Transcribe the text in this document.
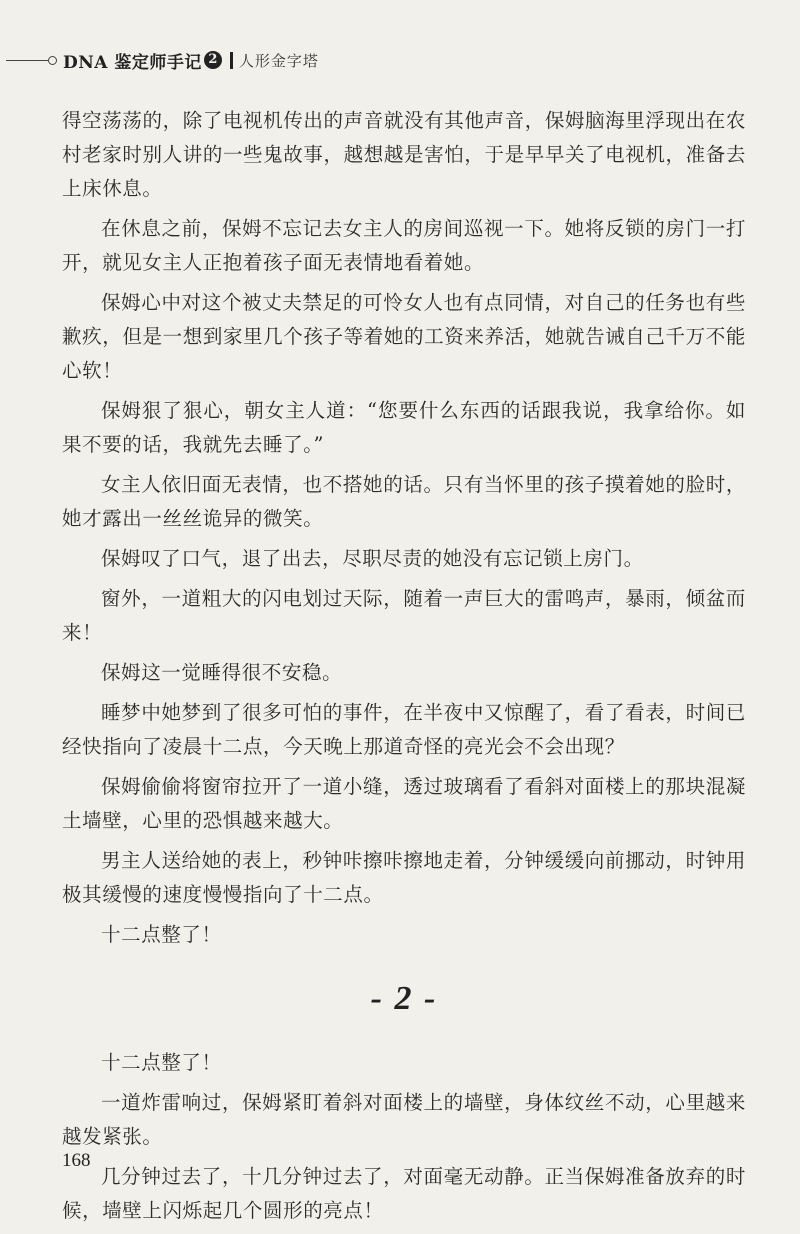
DNA 鉴定师手记 2 人形金字塔

得空荡荡的，除了电视机传出的声音就没有其他声音，保姆脑海里浮现出在农村老家时别人讲的一些鬼故事，越想越是害怕，于是早早关了电视机，准备去上床休息。

在休息之前，保姆不忘记去女主人的房间巡视一下。她将反锁的房门一打开，就见女主人正抱着孩子面无表情地看着她。

保姆心中对这个被丈夫禁足的可怜女人也有点同情，对自己的任务也有些歉疚，但是一想到家里几个孩子等着她的工资来养活，她就告诫自己千万不能心软！

保姆狠了狠心，朝女主人道：“您要什么东西的话跟我说，我拿给你。如果不要的话，我就先去睡了。”

女主人依旧面无表情，也不搭她的话。只有当怀里的孩子摸着她的脸时，她才露出一丝丝诡异的微笑。

保姆叹了口气，退了出去，尽职尽责的她没有忘记锁上房门。

窗外，一道粗大的闪电划过天际，随着一声巨大的雷鸣声，暴雨，倾盆而来！

保姆这一觉睡得很不安稳。

睡梦中她梦到了很多可怕的事件，在半夜中又惊醒了，看了看表，时间已经快指向了凌晨十二点，今天晚上那道奇怪的亮光会不会出现？

保姆偷偷将窗帘拉开了一道小缝，透过玻璃看了看斜对面楼上的那块混凝土墙壁，心里的恐惧越来越大。

男主人送给她的表上，秒钟咔擦咔擦地走着，分钟缓缓向前挪动，时钟用极其缓慢的速度慢慢指向了十二点。

十二点整了！

- 2 -

十二点整了！

一道炸雷响过，保姆紧盯着斜对面楼上的墙壁，身体纹丝不动，心里越来越发紧张。

几分钟过去了，十几分钟过去了，对面毫无动静。正当保姆准备放弃的时候，墙壁上闪烁起几个圆形的亮点！

168
